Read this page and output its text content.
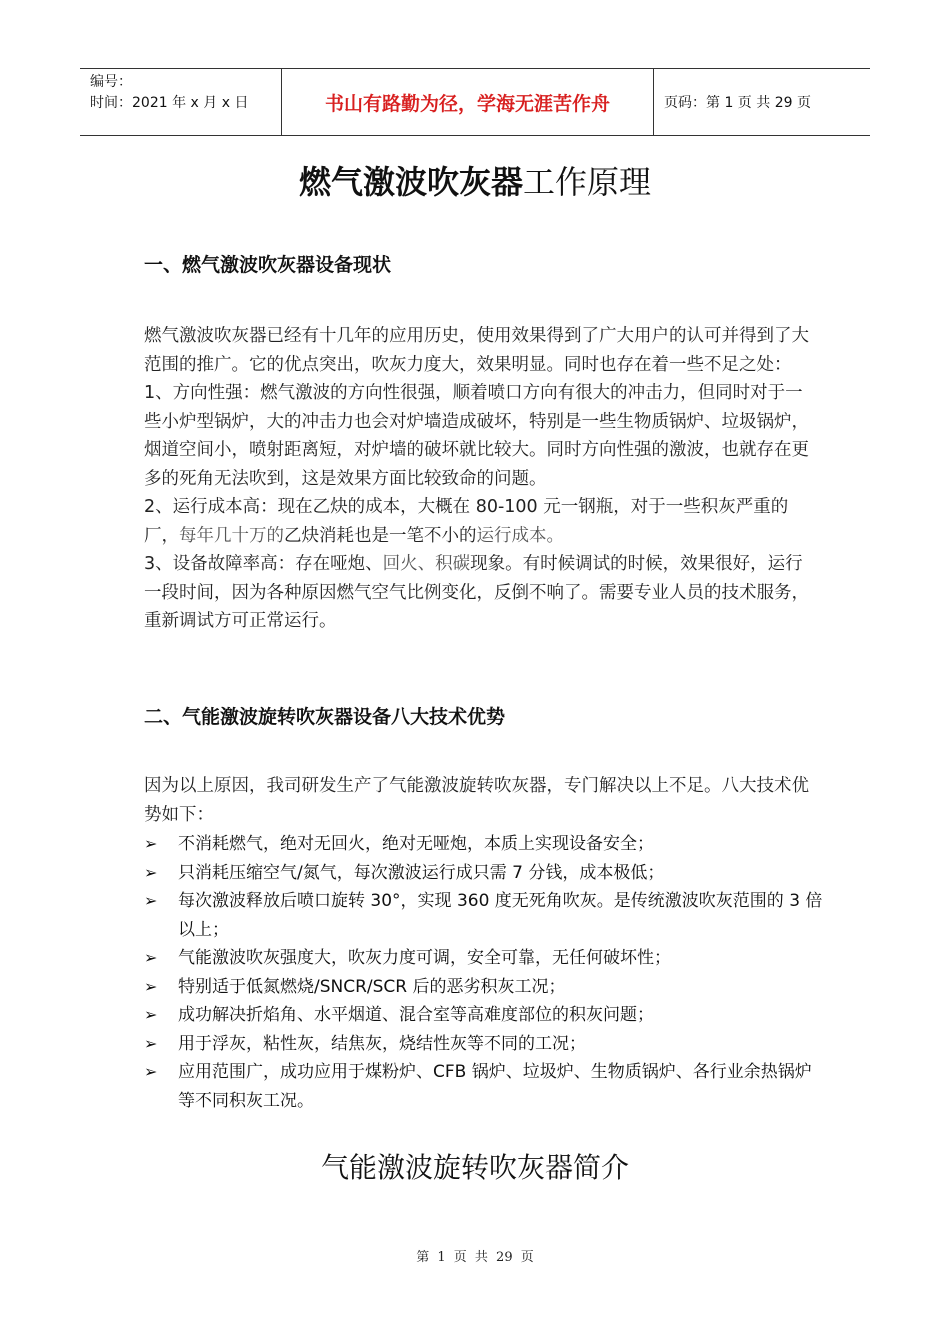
编号：
时间：2021 年 x 月 x 日	书山有路勤为径，学海无涯苦作舟	页码：第 1 页 共 29 页
燃气激波吹灰器工作原理
一、燃气激波吹灰器设备现状

燃气激波吹灰器已经有十几年的应用历史，使用效果得到了广大用户的认可并得到了大范围的推广。它的优点突出，吹灰力度大，效果明显。同时也存在着一些不足之处：

1、方向性强：燃气激波的方向性很强，顺着喷口方向有很大的冲击力，但同时对于一些小炉型锅炉，大的冲击力也会对炉墙造成破坏，特别是一些生物质锅炉、垃圾锅炉，烟道空间小，喷射距离短，对炉墙的破坏就比较大。同时方向性强的激波，也就存在更多的死角无法吹到，这是效果方面比较致命的问题。

2、运行成本高：现在乙炔的成本，大概在 80-100 元一钢瓶，对于一些积灰严重的厂，每年几十万的乙炔消耗也是一笔不小的运行成本。

3、设备故障率高：存在哑炮、回火、积碳现象。有时候调试的时候，效果很好，运行一段时间，因为各种原因燃气空气比例变化，反倒不响了。需要专业人员的技术服务，重新调试方可正常运行。

二、气能激波旋转吹灰器设备八大技术优势
因为以上原因，我司研发生产了气能激波旋转吹灰器，专门解决以上不足。八大技术优势如下：
➢	不消耗燃气，绝对无回火，绝对无哑炮，本质上实现设备安全；
➢	只消耗压缩空气/氮气，每次激波运行成只需 7 分钱，成本极低；
➢	每次激波释放后喷口旋转 30°，实现 360 度无死角吹灰。是传统激波吹灰范围的 3 倍以上；
➢	气能激波吹灰强度大，吹灰力度可调，安全可靠，无任何破坏性；
➢	特别适于低氮燃烧/SNCR/SCR 后的恶劣积灰工况；
➢	成功解决折焰角、水平烟道、混合室等高难度部位的积灰问题；
➢	用于浮灰，粘性灰，结焦灰，烧结性灰等不同的工况；
➢	应用范围广，成功应用于煤粉炉、CFB 锅炉、垃圾炉、生物质锅炉、各行业余热锅炉等不同积灰工况。
气能激波旋转吹灰器简介
第 1 页 共 29 页
